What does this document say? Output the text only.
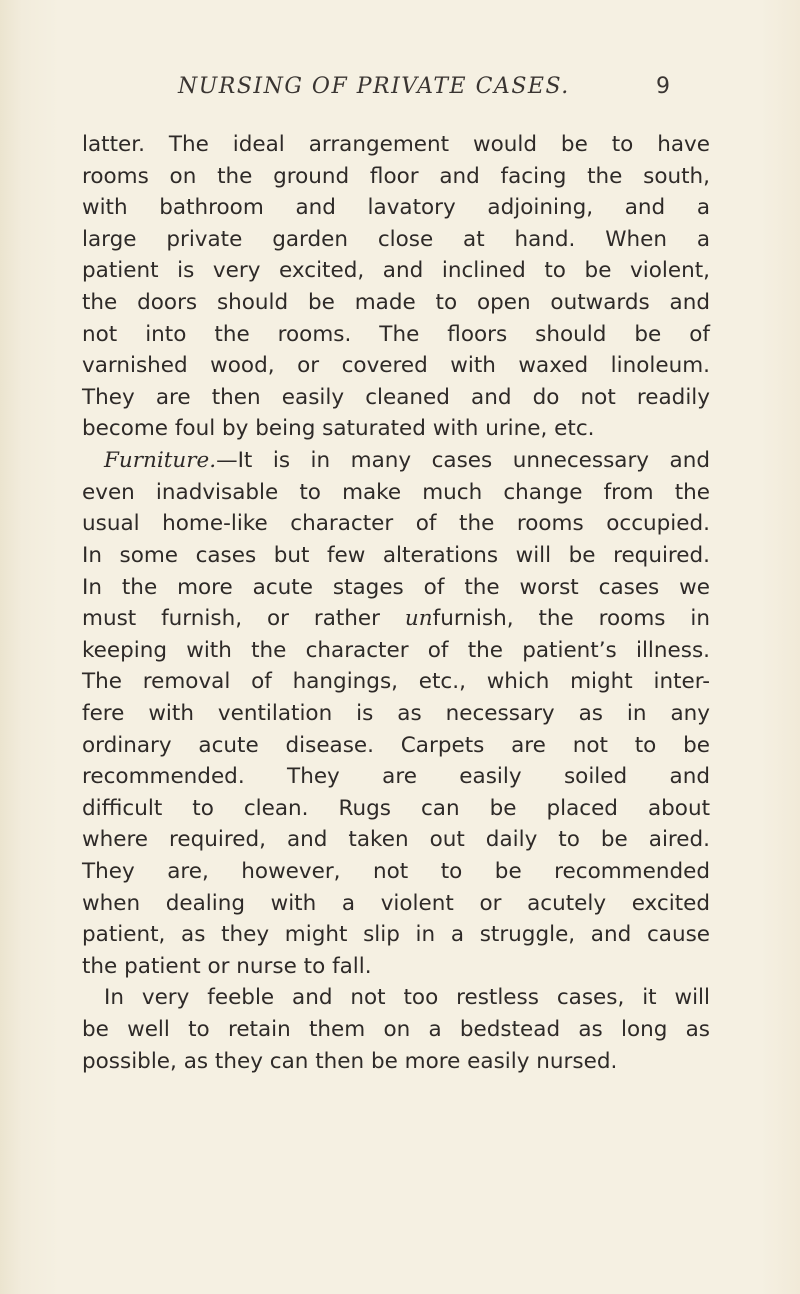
NURSING OF PRIVATE CASES.	9
latter. The ideal arrangement would be to have
rooms on the ground floor and facing the south,
with bathroom and lavatory adjoining, and a
large private garden close at hand. When a
patient is very excited, and inclined to be violent,
the doors should be made to open outwards and
not into the rooms. The floors should be of
varnished wood, or covered with waxed linoleum.
They are then easily cleaned and do not readily
become foul by being saturated with urine, etc.
Furniture.—It is in many cases unnecessary and
even inadvisable to make much change from the
usual home-like character of the rooms occupied.
In some cases but few alterations will be required.
In the more acute stages of the worst cases we
must furnish, or rather unfurnish, the rooms in
keeping with the character of the patient’s illness.
The removal of hangings, etc., which might inter-
fere with ventilation is as necessary as in any
ordinary acute disease. Carpets are not to be
recommended. They are easily soiled and
difficult to clean. Rugs can be placed about
where required, and taken out daily to be aired.
They are, however, not to be recommended
when dealing with a violent or acutely excited
patient, as they might slip in a struggle, and cause
the patient or nurse to fall.
In very feeble and not too restless cases, it will
be well to retain them on a bedstead as long as
possible, as they can then be more easily nursed.
